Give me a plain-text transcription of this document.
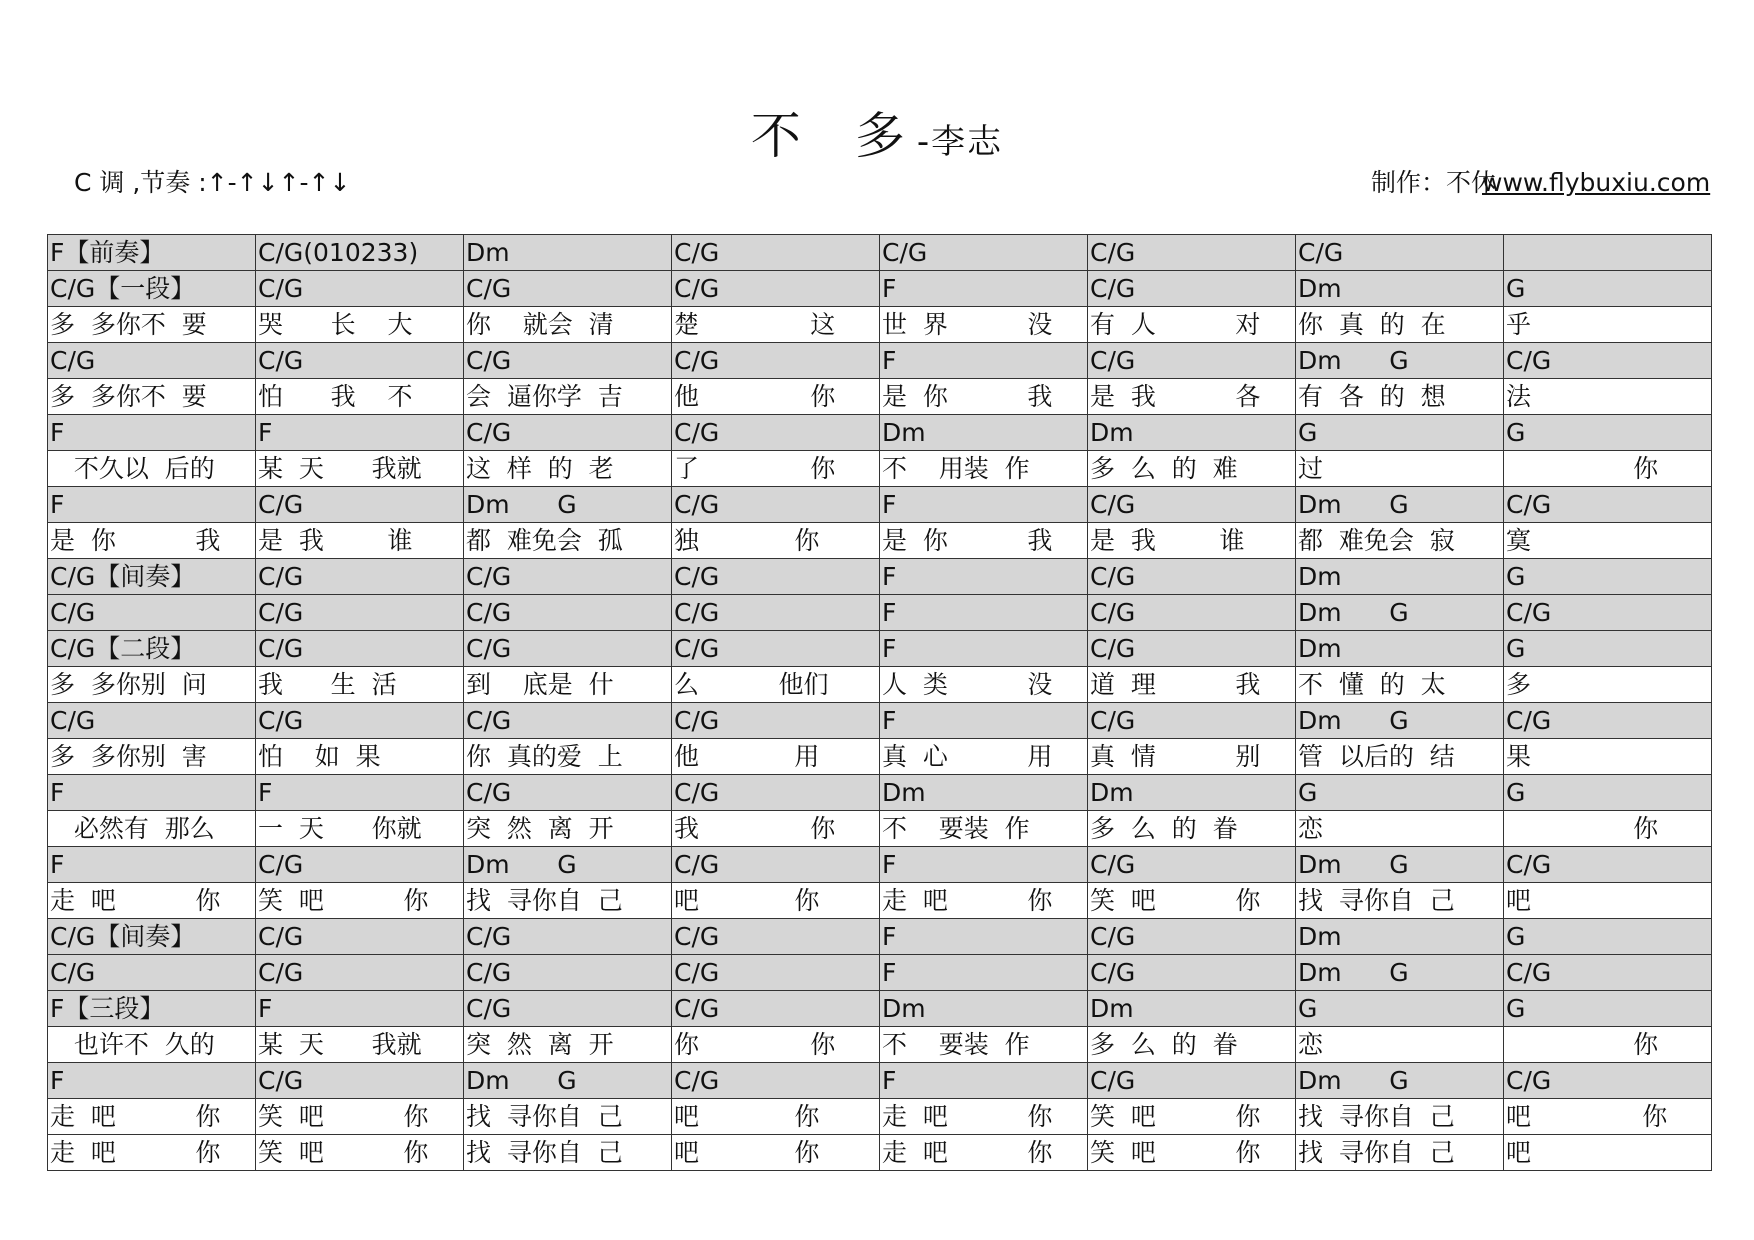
不　多 -李志
C 调 ,节奏 :↑-↑↓↑-↑↓	制作：不休
www.flybuxiu.com
F【前奏】	C/G(010233)	Dm	C/G	C/G	C/G	C/G	

C/G【一段】	C/G	C/G	C/G	F	C/G	Dm	G

多  多你不  要	哭      长    大	你    就会  清	楚              这	世  界          没	有  人          对	你  真  的  在	乎

C/G	C/G	C/G	C/G	F	C/G	Dm      G	C/G

多  多你不  要	怕      我    不	会  逼你学  吉	他              你	是  你          我	是  我          各	有  各  的  想	法

F	F	C/G	C/G	Dm	Dm	G	G

不久以  后的	某  天      我就	这  样  的  老	了              你	不    用装  作	多  么  的  难	过	你

F	C/G	Dm      G	C/G	F	C/G	Dm      G	C/G

是  你          我	是  我        谁	都  难免会  孤	独            你	是  你          我	是  我        谁	都  难免会  寂	寞

C/G【间奏】	C/G	C/G	C/G	F	C/G	Dm	G

C/G	C/G	C/G	C/G	F	C/G	Dm      G	C/G

C/G【二段】	C/G	C/G	C/G	F	C/G	Dm	G

多  多你别  问	我      生  活	到    底是  什	么          他们	人  类          没	道  理          我	不  懂  的  太	多

C/G	C/G	C/G	C/G	F	C/G	Dm      G	C/G

多  多你别  害	怕    如  果	你  真的爱  上	他            用	真  心          用	真  情          别	管  以后的  结	果

F	F	C/G	C/G	Dm	Dm	G	G

必然有  那么	一  天      你就	突  然  离  开	我              你	不    要装  作	多  么  的  眷	恋	你

F	C/G	Dm      G	C/G	F	C/G	Dm      G	C/G

走  吧          你	笑  吧          你	找  寻你自  己	吧            你	走  吧          你	笑  吧          你	找  寻你自  己	吧

C/G【间奏】	C/G	C/G	C/G	F	C/G	Dm	G

C/G	C/G	C/G	C/G	F	C/G	Dm      G	C/G

F【三段】	F	C/G	C/G	Dm	Dm	G	G

也许不  久的	某  天      我就	突  然  离  开	你              你	不    要装  作	多  么  的  眷	恋	你

F	C/G	Dm      G	C/G	F	C/G	Dm      G	C/G

走  吧          你	笑  吧          你	找  寻你自  己	吧            你	走  吧          你	笑  吧          你	找  寻你自  己	吧              你

走  吧          你	笑  吧          你	找  寻你自  己	吧            你	走  吧          你	笑  吧          你	找  寻你自  己	吧
